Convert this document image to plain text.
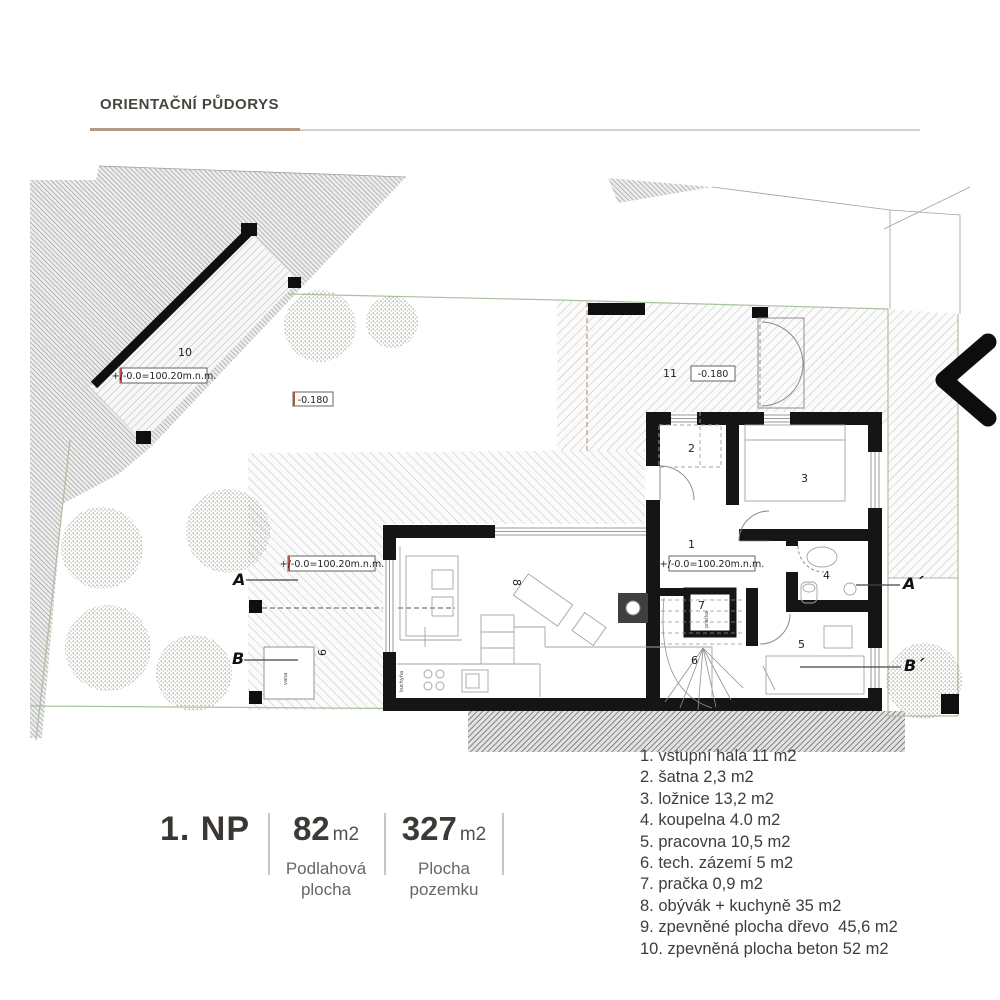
ORIENTAČNÍ PŮDORYS
+/-0.0=100.20m.n.m.
+/-0.0=100.20m.n.m.	+/-0.0=100.20m.n.m.
-0.180
-0.180
1
2
3
4
5
6
7
8
9
10
11
vana	kuchyňa
pračka
A
B
A´
B´
1. NP	82 m2
Podlahová
plocha
327 m2
Plocha
pozemku
1. vstupní hala 11 m2
2. šatna 2,3 m2
3. ložnice 13,2 m2
4. koupelna 4.0 m2
5. pracovna 10,5 m2
6. tech. zázemí 5 m2
7. pračka 0,9 m2
8. obývák + kuchyně 35 m2
9. zpevněné plocha dřevo  45,6 m2
10. zpevněná plocha beton 52 m2
